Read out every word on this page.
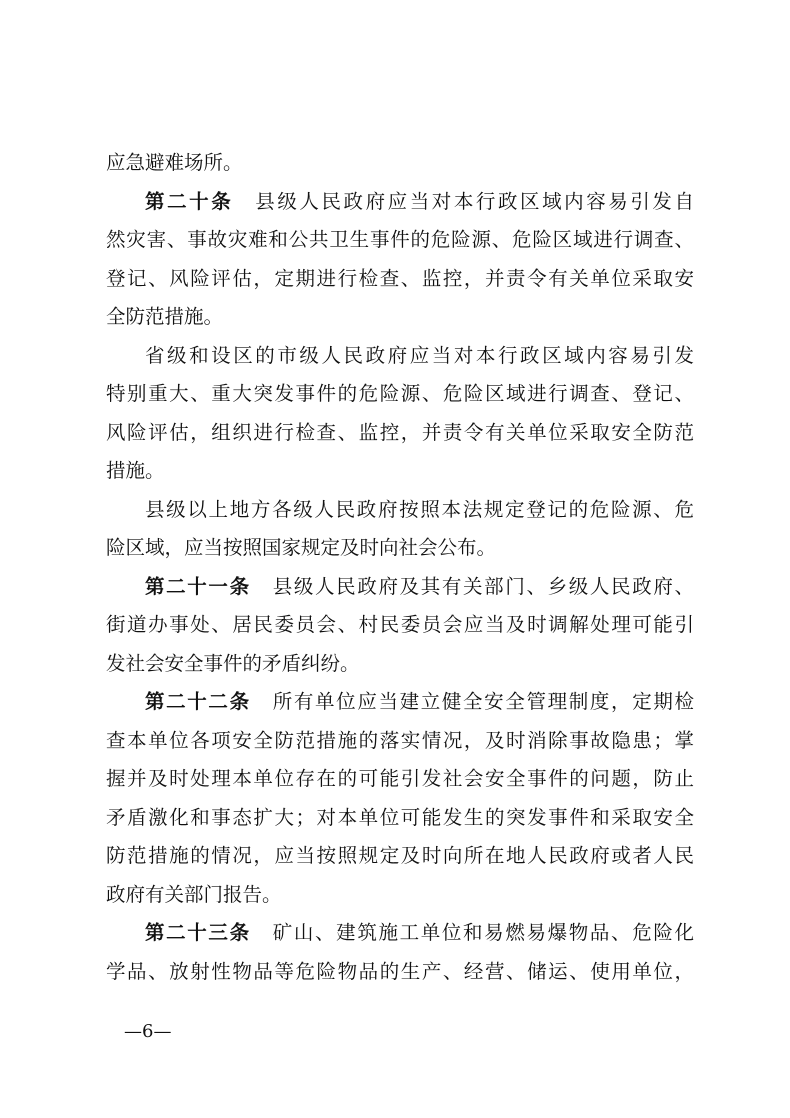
应急避难场所。
第二十条 县级人民政府应当对本行政区域内容易引发自
然灾害、事故灾难和公共卫生事件的危险源、危险区域进行调查、
登记、风险评估，定期进行检查、监控，并责令有关单位采取安
全防范措施。
省级和设区的市级人民政府应当对本行政区域内容易引发
特别重大、重大突发事件的危险源、危险区域进行调查、登记、
风险评估，组织进行检查、监控，并责令有关单位采取安全防范
措施。
县级以上地方各级人民政府按照本法规定登记的危险源、危
险区域，应当按照国家规定及时向社会公布。
第二十一条 县级人民政府及其有关部门、乡级人民政府、
街道办事处、居民委员会、村民委员会应当及时调解处理可能引
发社会安全事件的矛盾纠纷。
第二十二条 所有单位应当建立健全安全管理制度，定期检
查本单位各项安全防范措施的落实情况，及时消除事故隐患；掌
握并及时处理本单位存在的可能引发社会安全事件的问题，防止
矛盾激化和事态扩大；对本单位可能发生的突发事件和采取安全
防范措施的情况，应当按照规定及时向所在地人民政府或者人民
政府有关部门报告。
第二十三条 矿山、建筑施工单位和易燃易爆物品、危险化
学品、放射性物品等危险物品的生产、经营、储运、使用单位，
—6—
